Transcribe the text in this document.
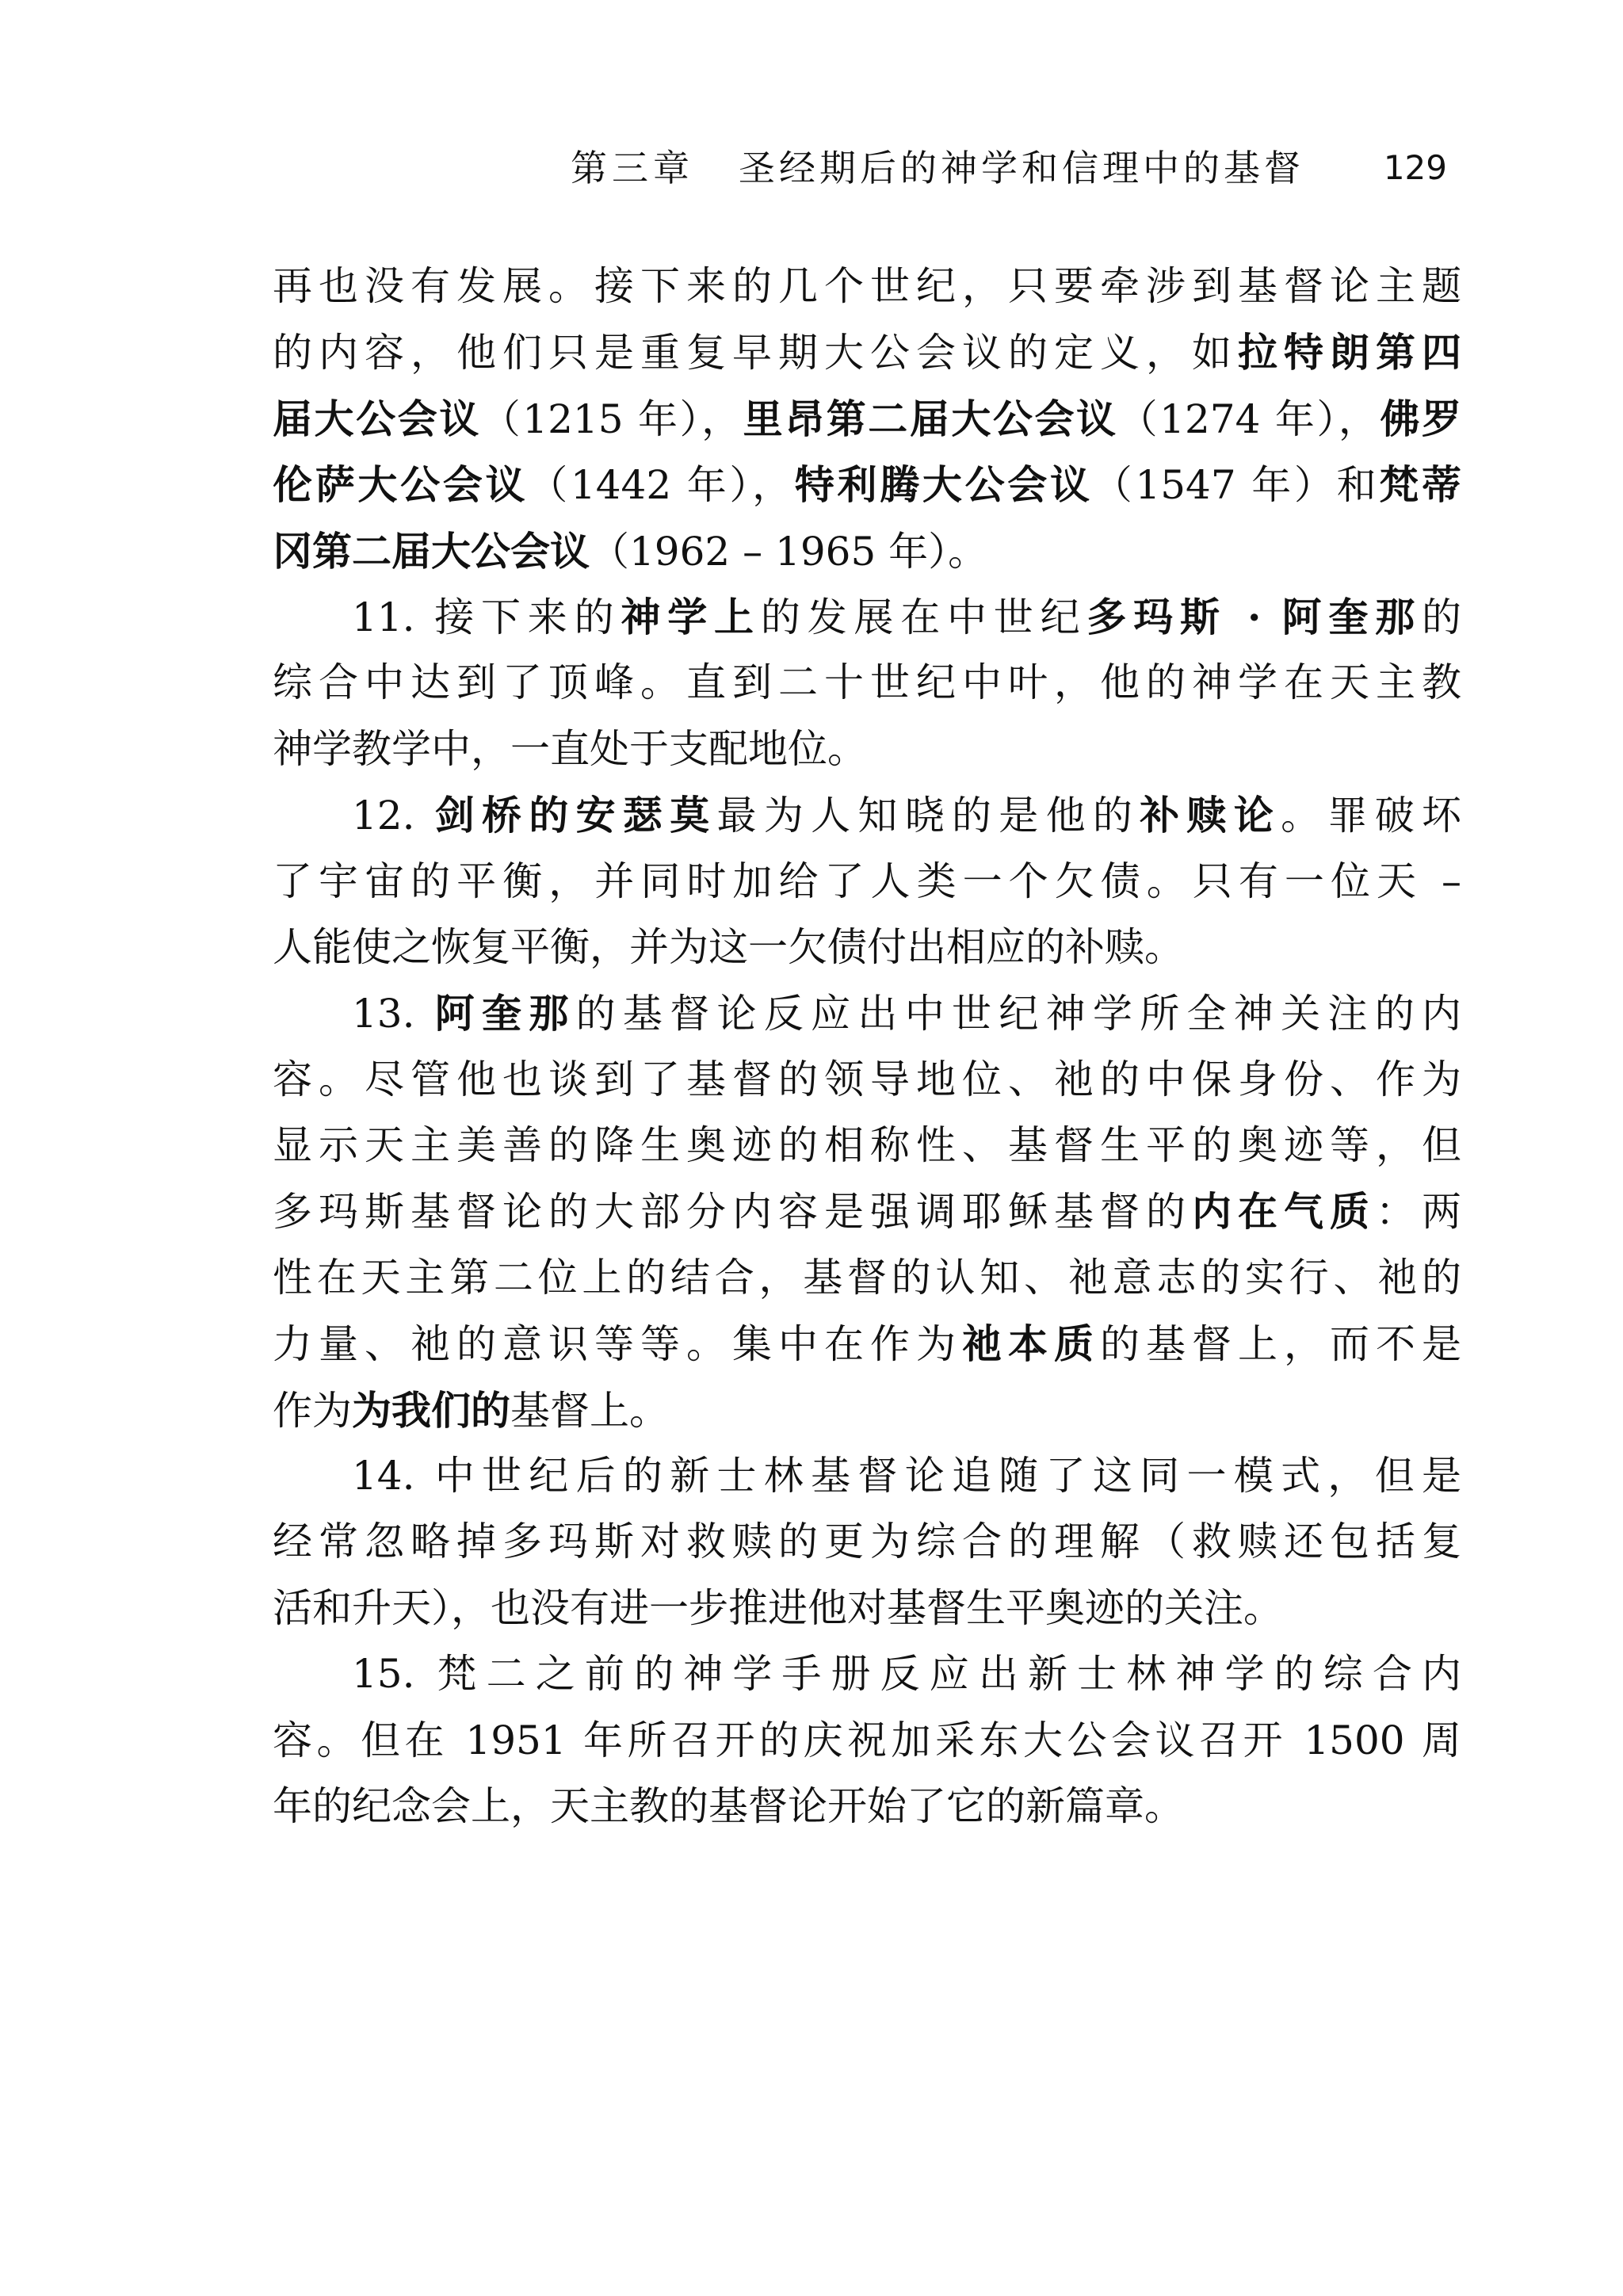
第三章 圣经期后的神学和信理中的基督 129
再也没有发展。接下来的几个世纪，只要牵涉到基督论主题
的内容，他们只是重复早期大公会议的定义，如拉特朗第四
届大公会议（1215 年），里昂第二届大公会议（1274 年），佛罗
伦萨大公会议（1442 年），特利腾大公会议（1547 年）和梵蒂
冈第二届大公会议（1962 – 1965 年）。
11. 接下来的神学上的发展在中世纪多玛斯 · 阿奎那的
综合中达到了顶峰。直到二十世纪中叶，他的神学在天主教
神学教学中，一直处于支配地位。
12. 剑桥的安瑟莫最为人知晓的是他的补赎论。罪破坏
了宇宙的平衡，并同时加给了人类一个欠债。只有一位天 –
人能使之恢复平衡，并为这一欠债付出相应的补赎。
13. 阿奎那的基督论反应出中世纪神学所全神关注的内
容。尽管他也谈到了基督的领导地位、祂的中保身份、作为
显示天主美善的降生奥迹的相称性、基督生平的奥迹等，但
多玛斯基督论的大部分内容是强调耶稣基督的内在气质：两
性在天主第二位上的结合，基督的认知、祂意志的实行、祂的
力量、祂的意识等等。集中在作为祂本质的基督上，而不是
作为为我们的基督上。
14. 中世纪后的新士林基督论追随了这同一模式，但是
经常忽略掉多玛斯对救赎的更为综合的理解（救赎还包括复
活和升天），也没有进一步推进他对基督生平奥迹的关注。
15. 梵二之前的神学手册反应出新士林神学的综合内
容。但在 1951 年所召开的庆祝加采东大公会议召开 1500 周
年的纪念会上，天主教的基督论开始了它的新篇章。
